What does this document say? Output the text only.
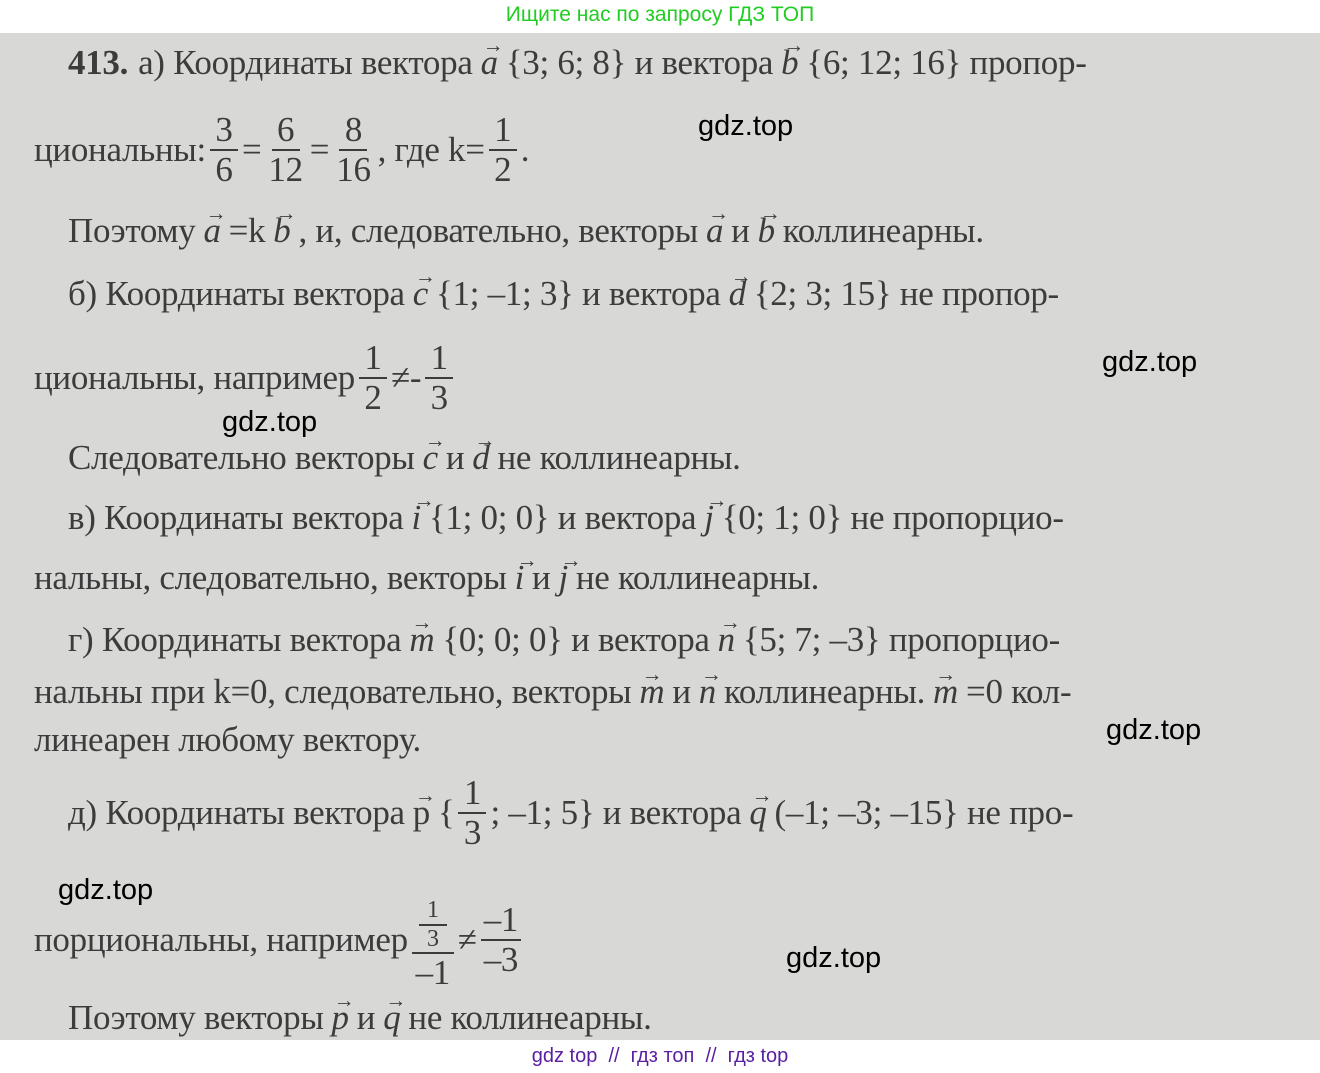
Ищите нас по запросу ГДЗ ТОП
413. а) Координаты вектора → a {3; 6; 8} и вектора → b {6; 12; 16} пропор-
циональны: $\frac{3}{6} = \frac{6}{12} = \frac{8}{16}$ , где $k= \frac{1}{2}$ .
Поэтому → a =k → b , и, следовательно, векторы → a и → b коллинеарны.
б) Координаты вектора → c {1; –1; 3} и вектора → d {2; 3; 15} не пропор-
циональны, например $\frac{1}{2} \ne- \frac{1}{3}$
Следовательно векторы → c и → d не коллинеарны.
в) Координаты вектора → i {1; 0; 0} и вектора → j {0; 1; 0} не пропорцио-
нальны, следовательно, векторы → i и → j не коллинеарны.
г) Координаты вектора → m {0; 0; 0} и вектора → n {5; 7; –3} пропорцио-
нальны при k=0, следовательно, векторы → m и → n коллинеарны. → m =0 кол-
линеарен любому вектору.
д) Координаты вектора → p { $\frac{1}{3}$ ; –1; 5} и вектора → q (–1; –3; –15} не про-
порциональны, например $\frac{\frac{1}{3}}{-1} \ne \frac{-1}{-3}$
Поэтому векторы → p и → q не коллинеарны.
gdz.top
gdz.top
gdz.top
gdz.top
gdz.top
gdz.top
gdz top  //  гдз топ  //  гдз top
